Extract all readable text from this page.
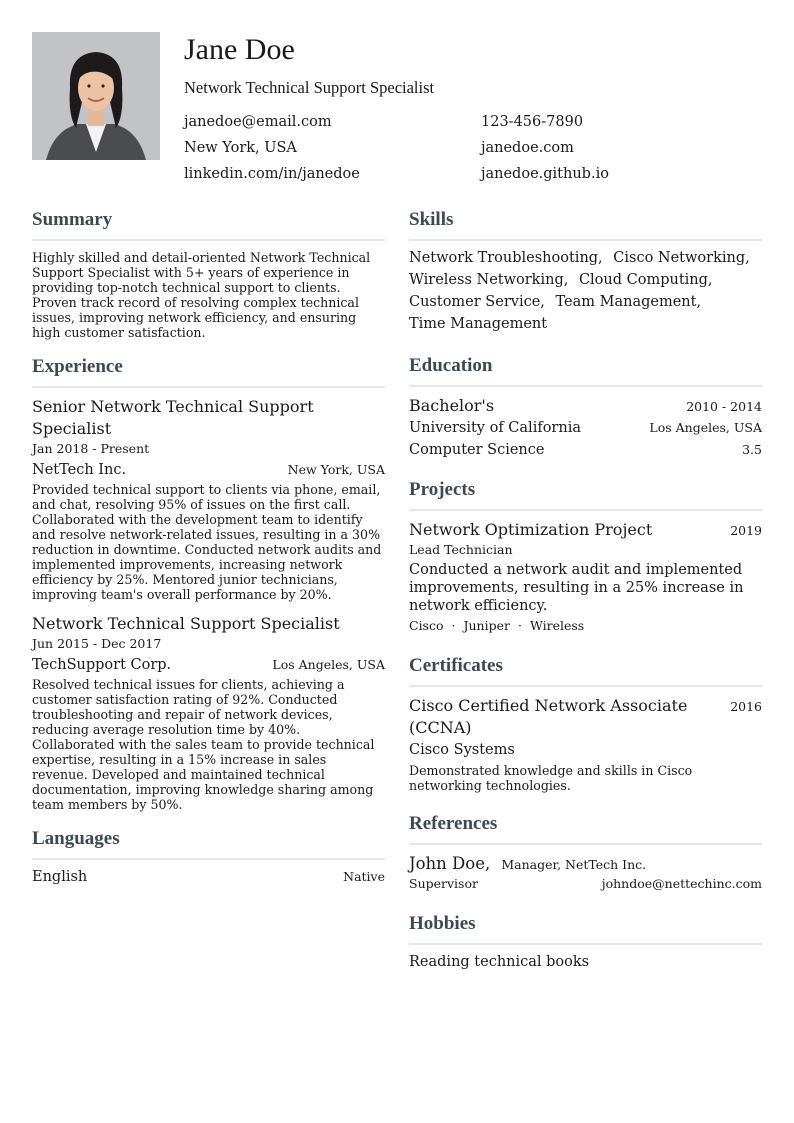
Jane Doe
Network Technical Support Specialist
janedoe@email.com	123-456-7890
New York, USA	janedoe.com
linkedin.com/in/janedoe	janedoe.github.io
Summary

Highly skilled and detail-oriented Network Technical Support Specialist with 5+ years of experience in providing top-notch technical support to clients. Proven track record of resolving complex technical issues, improving network efficiency, and ensuring high customer satisfaction.

Experience
Senior Network Technical Support Specialist
Jan 2018 - Present
NetTech Inc.	New York, USA

Provided technical support to clients via phone, email, and chat, resolving 95% of issues on the first call. Collaborated with the development team to identify and resolve network-related issues, resulting in a 30% reduction in downtime. Conducted network audits and implemented improvements, increasing network efficiency by 25%. Mentored junior technicians, improving team's overall performance by 20%.

Network Technical Support Specialist
Jun 2015 - Dec 2017
TechSupport Corp.	Los Angeles, USA

Resolved technical issues for clients, achieving a customer satisfaction rating of 92%. Conducted troubleshooting and repair of network devices, reducing average resolution time by 40%. Collaborated with the sales team to provide technical expertise, resulting in a 15% increase in sales revenue. Developed and maintained technical documentation, improving knowledge sharing among team members by 50%.

Languages
English	Native
Skills
Network Troubleshooting, Cisco Networking, Wireless Networking, Cloud Computing, Customer Service, Team Management, Time Management
Education
Bachelor's	2010 - 2014
University of California	Los Angeles, USA
Computer Science	3.5
Projects
Network Optimization Project	2019
Lead Technician

Conducted a network audit and implemented improvements, resulting in a 25% increase in network efficiency.

Cisco · Juniper · Wireless
Certificates
Cisco Certified Network Associate (CCNA)
2016
Cisco Systems

Demonstrated knowledge and skills in Cisco networking technologies.

References
John Doe, Manager, NetTech Inc.
Supervisor	johndoe@nettechinc.com
Hobbies
Reading technical books
